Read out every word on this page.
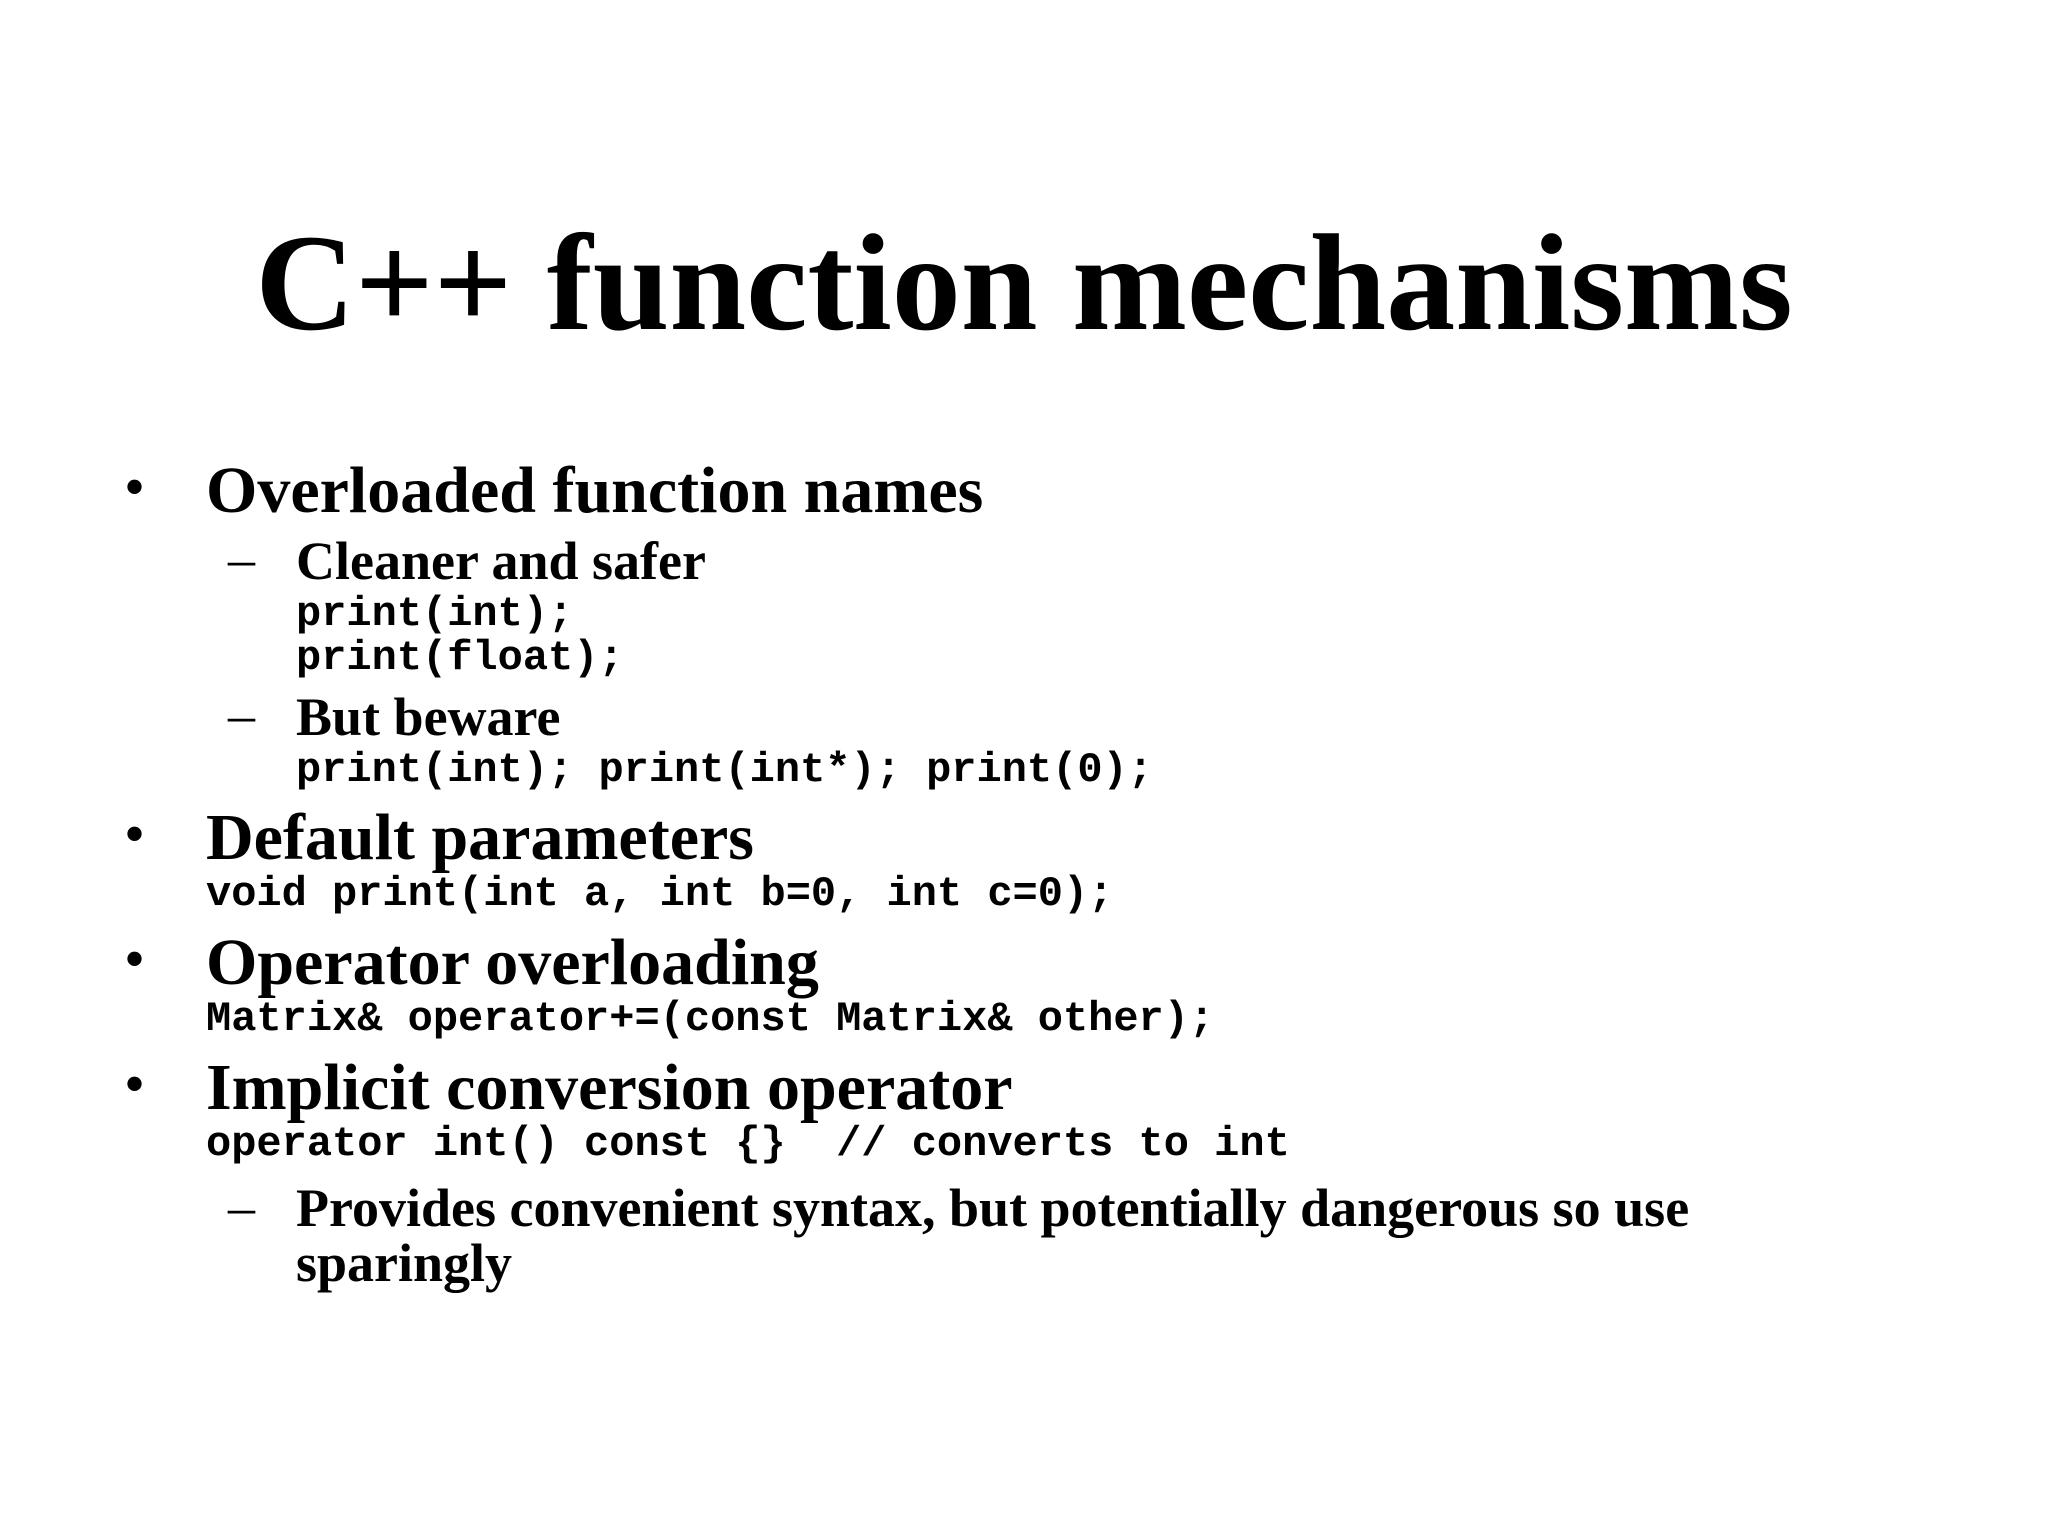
C++ function mechanisms
• Overloaded function names
– Cleaner and safer
print(int);
print(float);
– But beware
print(int); print(int*); print(0);
• Default parameters
void print(int a, int b=0, int c=0);
• Operator overloading
Matrix& operator+=(const Matrix& other);
• Implicit conversion operator
operator int() const {}  // converts to int
– Provides convenient syntax, but potentially dangerous so use
sparingly
